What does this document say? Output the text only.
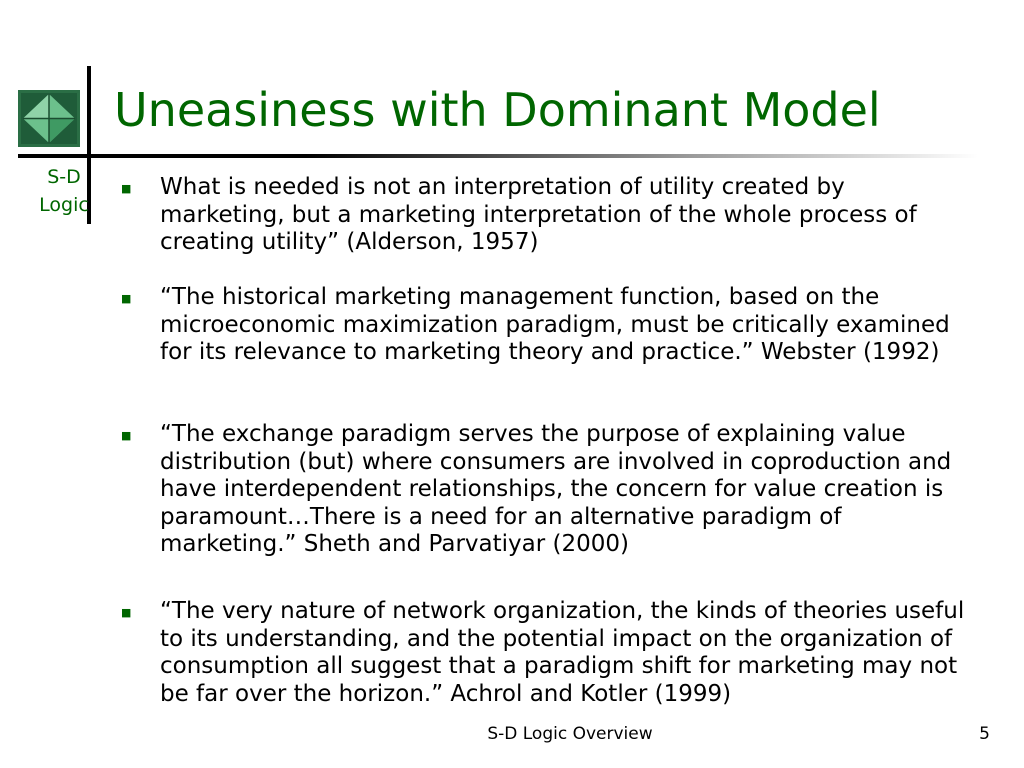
Uneasiness with Dominant Model
S-D
Logic
■ What is needed is not an interpretation of utility created by marketing, but a marketing interpretation of the whole process of creating utility” (Alderson, 1957)

■ “The historical marketing management function, based on the microeconomic maximization paradigm, must be critically examined for its relevance to marketing theory and practice.” Webster (1992)

■ “The exchange paradigm serves the purpose of explaining value distribution (but) where consumers are involved in coproduction and have interdependent relationships, the concern for value creation is paramount…There is a need for an alternative paradigm of marketing.” Sheth and Parvatiyar (2000)

■ “The very nature of network organization, the kinds of theories useful to its understanding, and the potential impact on the organization of consumption all suggest that a paradigm shift for marketing may not be far over the horizon.” Achrol and Kotler (1999)

S-D Logic Overview	5
